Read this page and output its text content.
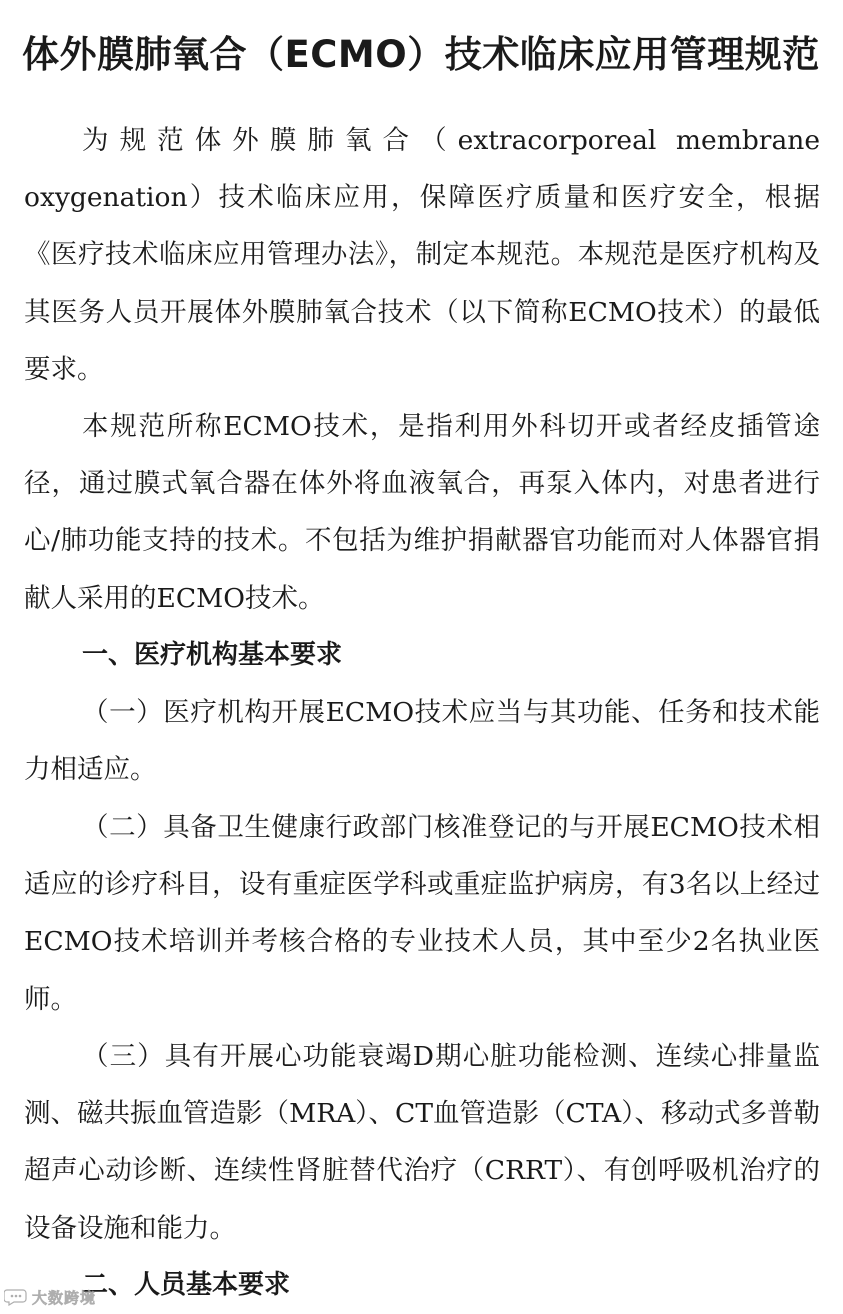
体外膜肺氧合（ECMO）技术临床应用管理规范

为规范体外膜肺氧合（extracorporeal membrane oxygenation）技术临床应用，保障医疗质量和医疗安全，根据《医疗技术临床应用管理办法》，制定本规范。本规范是医疗机构及其医务人员开展体外膜肺氧合技术（以下简称ECMO技术）的最低要求。

本规范所称ECMO技术，是指利用外科切开或者经皮插管途径，通过膜式氧合器在体外将血液氧合，再泵入体内，对患者进行心/肺功能支持的技术。不包括为维护捐献器官功能而对人体器官捐献人采用的ECMO技术。

一、医疗机构基本要求

（一）医疗机构开展ECMO技术应当与其功能、任务和技术能力相适应。

（二）具备卫生健康行政部门核准登记的与开展ECMO技术相适应的诊疗科目，设有重症医学科或重症监护病房，有3名以上经过ECMO技术培训并考核合格的专业技术人员，其中至少2名执业医师。

（三）具有开展心功能衰竭D期心脏功能检测、连续心排量监测、磁共振血管造影（MRA）、CT血管造影（CTA）、移动式多普勒超声心动诊断、连续性肾脏替代治疗（CRRT）、有创呼吸机治疗的设备设施和能力。

二、人员基本要求

大数跨境
